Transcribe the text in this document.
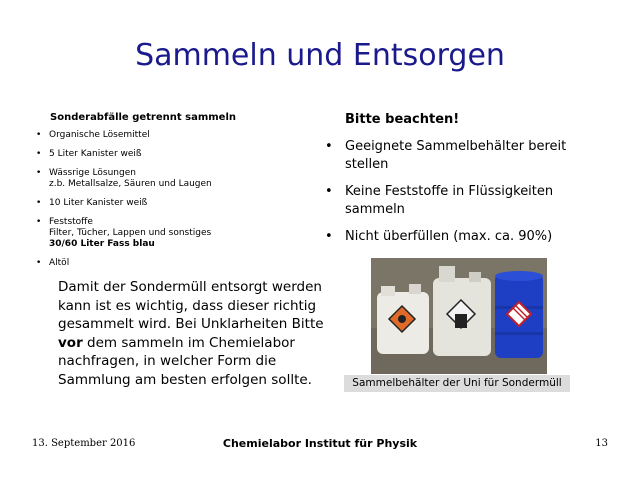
Sammeln und Entsorgen
Sonderabfälle getrennt sammeln
• Organische Lösemittel
• 5 Liter Kanister weiß
• Wässrige Lösungen
z.b. Metallsalze, Säuren und Laugen
• 10 Liter Kanister weiß
• Feststoffe
Filter, Tücher, Lappen und sonstiges
30/60 Liter Fass blau
• Altöl
Damit der Sondermüll entsorgt werden kann ist es wichtig, dass dieser richtig gesammelt wird. Bei Unklarheiten Bitte vor dem sammeln im Chemielabor nachfragen, in welcher Form die Sammlung am besten erfolgen sollte.
Bitte beachten!
• Geeignete Sammelbehälter bereit stellen
• Keine Feststoffe in Flüssigkeiten sammeln
• Nicht überfüllen (max. ca. 90%)
Sammelbehälter der Uni für Sondermüll
13. September 2016	Chemielabor Institut für Physik	13
